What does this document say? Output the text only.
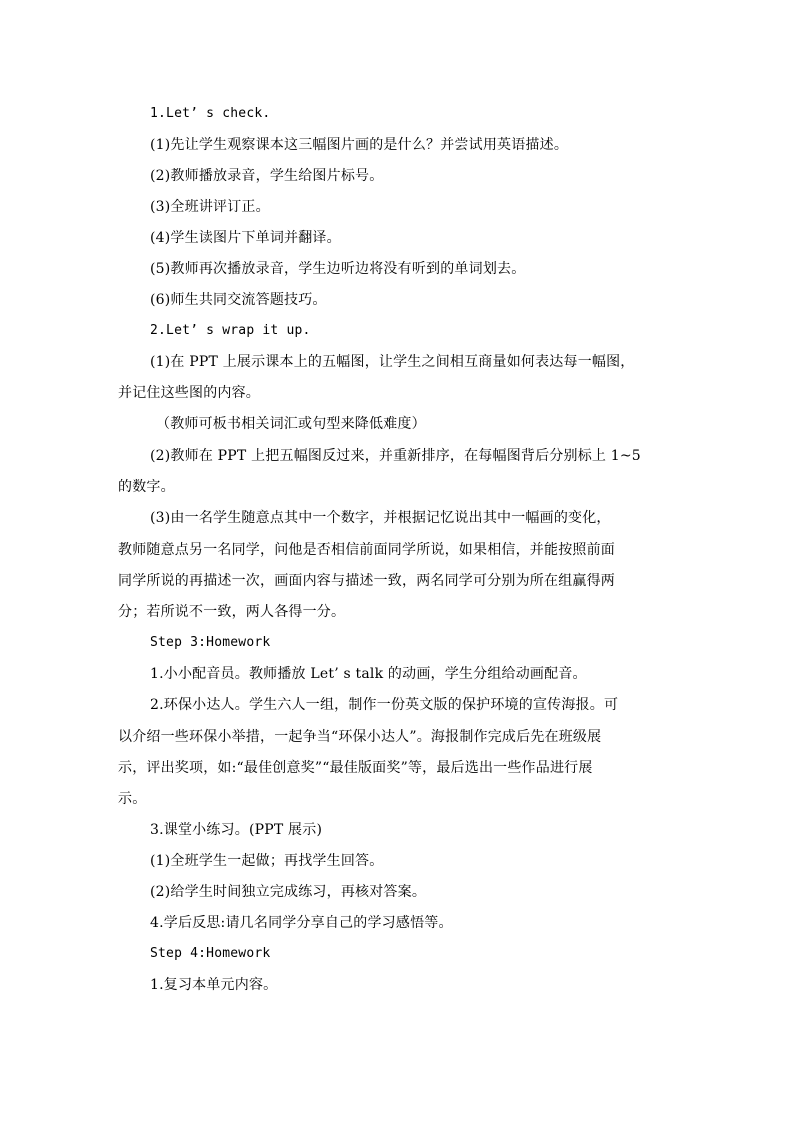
1.Let’ s check.
(1)先让学生观察课本这三幅图片画的是什么？并尝试用英语描述。
(2)教师播放录音，学生给图片标号。
(3)全班讲评订正。
(4)学生读图片下单词并翻译。
(5)教师再次播放录音，学生边听边将没有听到的单词划去。
(6)师生共同交流答题技巧。
2.Let’ s wrap it up.
(1)在 PPT 上展示课本上的五幅图，让学生之间相互商量如何表达每一幅图，
并记住这些图的内容。
（教师可板书相关词汇或句型来降低难度）
(2)教师在 PPT 上把五幅图反过来，并重新排序，在每幅图背后分别标上 1~5
的数字。
(3)由一名学生随意点其中一个数字，并根据记忆说出其中一幅画的变化，
教师随意点另一名同学，问他是否相信前面同学所说，如果相信，并能按照前面
同学所说的再描述一次，画面内容与描述一致，两名同学可分别为所在组赢得两
分；若所说不一致，两人各得一分。
Step 3:Homework
1.小小配音员。教师播放 Let’ s talk 的动画，学生分组给动画配音。
2.环保小达人。学生六人一组，制作一份英文版的保护环境的宣传海报。可
以介绍一些环保小举措，一起争当“环保小达人”。海报制作完成后先在班级展
示，评出奖项，如:“最佳创意奖”“最佳版面奖”等，最后选出一些作品进行展
示。
3.课堂小练习。(PPT 展示)
(1)全班学生一起做；再找学生回答。
(2)给学生时间独立完成练习，再核对答案。
4.学后反思:请几名同学分享自己的学习感悟等。
Step 4:Homework
1.复习本单元内容。
